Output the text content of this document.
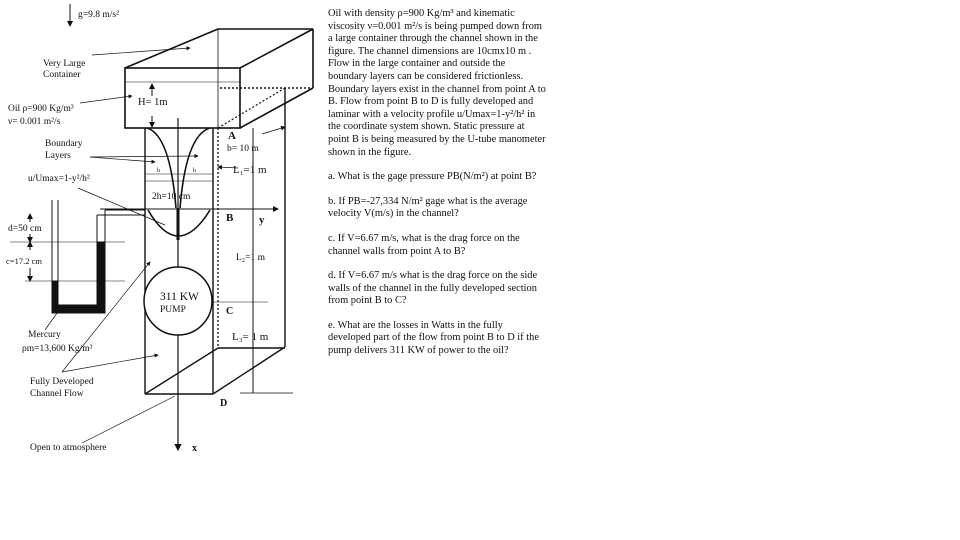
g=9.8 m/s²
311 KW
PUMP
Very Large
Container
Oil ρ=900 Kg/m³
ν= 0.001 m²/s
Boundary
Layers
u/Umax=1-y²/h²
H= 1m
A
b= 10 m
L₁=1 m
h	h
2h=10 cm
B y
L₂=1 m
C
L₃= 1 m
D
x
d=50 cm
c=17.2 cm
Mercury
ρm=13,600 Kg/m³
Fully Developed
Channel Flow
Open to atmosphere

Oil with density ρ=900 Kg/m³ and kinematic viscosity ν=0.001 m²/s is being pumped down from a large container through the channel shown in the figure. The channel dimensions are 10cmx10 m . Flow in the large container and outside the boundary layers can be considered frictionless. Boundary layers exist in the channel from point A to B. Flow from point B to D is fully developed and laminar with a velocity profile u/Umax=1-y²/h² in the coordinate system shown. Static pressure at point B is being measured by the U-tube manometer shown in the figure.

a. What is the gage pressure PB(N/m²) at point B?

b. If PB=-27,334 N/m² gage what is the average velocity V(m/s) in the channel?

c. If V=6.67 m/s, what is the drag force on the channel walls from point A to B?

d. If V=6.67 m/s what is the drag force on the side walls of the channel in the fully developed section from point B to C?

e. What are the losses in Watts in the fully developed part of the flow from point B to D if the pump delivers 311 KW of power to the oil?
